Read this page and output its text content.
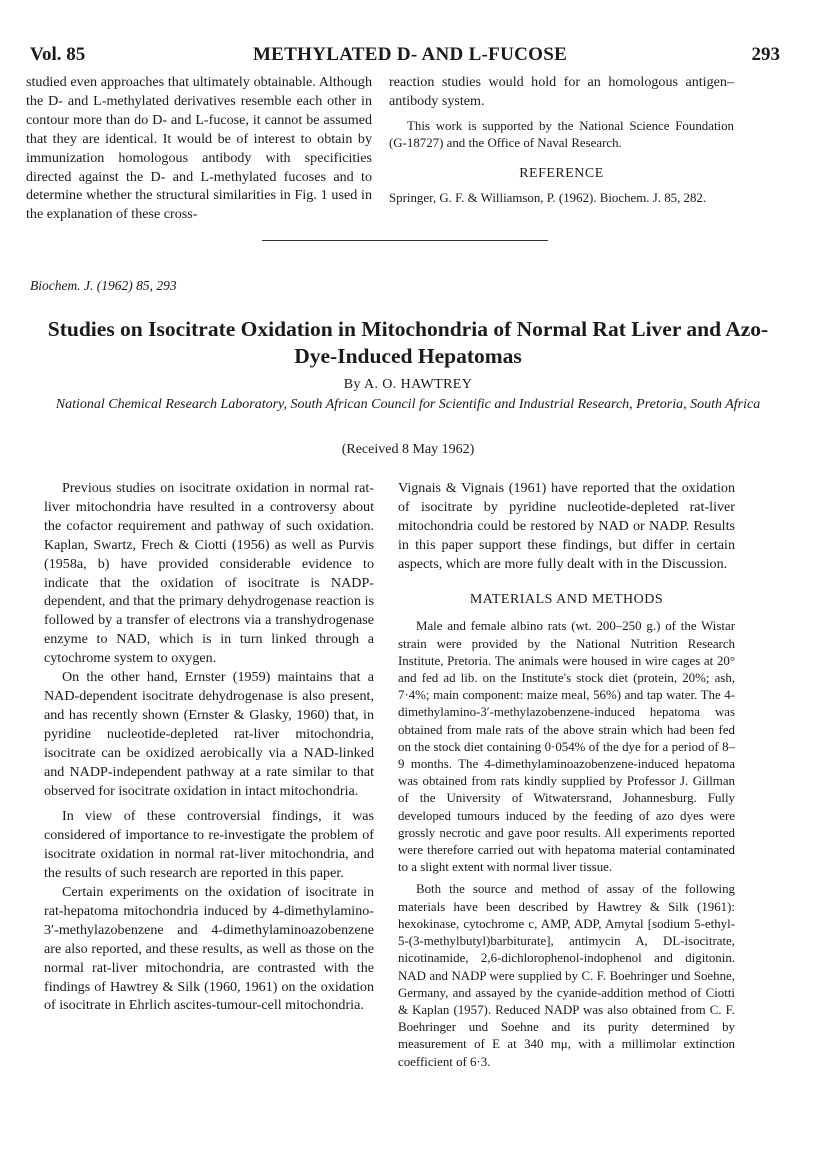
Vol. 85	METHYLATED D- AND L-FUCOSE	293

studied even approaches that ultimately obtainable. Although the D- and L-methylated derivatives resemble each other in contour more than do D- and L-fucose, it cannot be assumed that they are identical. It would be of interest to obtain by immunization homologous antibody with specificities directed against the D- and L-methylated fucoses and to determine whether the structural similarities in Fig. 1 used in the explanation of these cross-

reaction studies would hold for an homologous antigen–antibody system.

This work is supported by the National Science Foundation (G-18727) and the Office of Naval Research.

REFERENCE

Springer, G. F. & Williamson, P. (1962). Biochem. J. 85, 282.

Biochem. J. (1962) 85, 293
Studies on Isocitrate Oxidation in Mitochondria of Normal Rat Liver and Azo-Dye-Induced Hepatomas
By A. O. HAWTREY
National Chemical Research Laboratory, South African Council for Scientific and Industrial Research, Pretoria, South Africa
(Received 8 May 1962)

Previous studies on isocitrate oxidation in normal rat-liver mitochondria have resulted in a controversy about the cofactor requirement and pathway of such oxidation. Kaplan, Swartz, Frech & Ciotti (1956) as well as Purvis (1958a, b) have provided considerable evidence to indicate that the oxidation of isocitrate is NADP-dependent, and that the primary dehydrogenase reaction is followed by a transfer of electrons via a transhydrogenase enzyme to NAD, which is in turn linked through a cytochrome system to oxygen.

On the other hand, Ernster (1959) maintains that a NAD-dependent isocitrate dehydrogenase is also present, and has recently shown (Ernster & Glasky, 1960) that, in pyridine nucleotide-depleted rat-liver mitochondria, isocitrate can be oxidized aerobically via a NAD-linked and NADP-independent pathway at a rate similar to that observed for isocitrate oxidation in intact mitochondria.

In view of these controversial findings, it was considered of importance to re-investigate the problem of isocitrate oxidation in normal rat-liver mitochondria, and the results of such research are reported in this paper.

Certain experiments on the oxidation of isocitrate in rat-hepatoma mitochondria induced by 4-dimethylamino-3′-methylazobenzene and 4-dimethylaminoazobenzene are also reported, and these results, as well as those on the normal rat-liver mitochondria, are contrasted with the findings of Hawtrey & Silk (1960, 1961) on the oxidation of isocitrate in Ehrlich ascites-tumour-cell mitochondria.

Vignais & Vignais (1961) have reported that the oxidation of isocitrate by pyridine nucleotide-depleted rat-liver mitochondria could be restored by NAD or NADP. Results in this paper support these findings, but differ in certain aspects, which are more fully dealt with in the Discussion.

MATERIALS AND METHODS

Male and female albino rats (wt. 200–250 g.) of the Wistar strain were provided by the National Nutrition Research Institute, Pretoria. The animals were housed in wire cages at 20° and fed ad lib. on the Institute's stock diet (protein, 20%; ash, 7·4%; main component: maize meal, 56%) and tap water. The 4-dimethylamino-3′-methylazobenzene-induced hepatoma was obtained from male rats of the above strain which had been fed on the stock diet containing 0·054% of the dye for a period of 8–9 months. The 4-dimethylaminoazobenzene-induced hepatoma was obtained from rats kindly supplied by Professor J. Gillman of the University of Witwatersrand, Johannesburg. Fully developed tumours induced by the feeding of azo dyes were grossly necrotic and gave poor results. All experiments reported were therefore carried out with hepatoma material contaminated to a slight extent with normal liver tissue.

Both the source and method of assay of the following materials have been described by Hawtrey & Silk (1961): hexokinase, cytochrome c, AMP, ADP, Amytal [sodium 5-ethyl-5-(3-methylbutyl)barbiturate], antimycin A, DL-isocitrate, nicotinamide, 2,6-dichlorophenol-indophenol and digitonin. NAD and NADP were supplied by C. F. Boehringer und Soehne, Germany, and assayed by the cyanide-addition method of Ciotti & Kaplan (1957). Reduced NADP was also obtained from C. F. Boehringer und Soehne and its purity determined by measurement of E at 340 mμ, with a millimolar extinction coefficient of 6·3.
